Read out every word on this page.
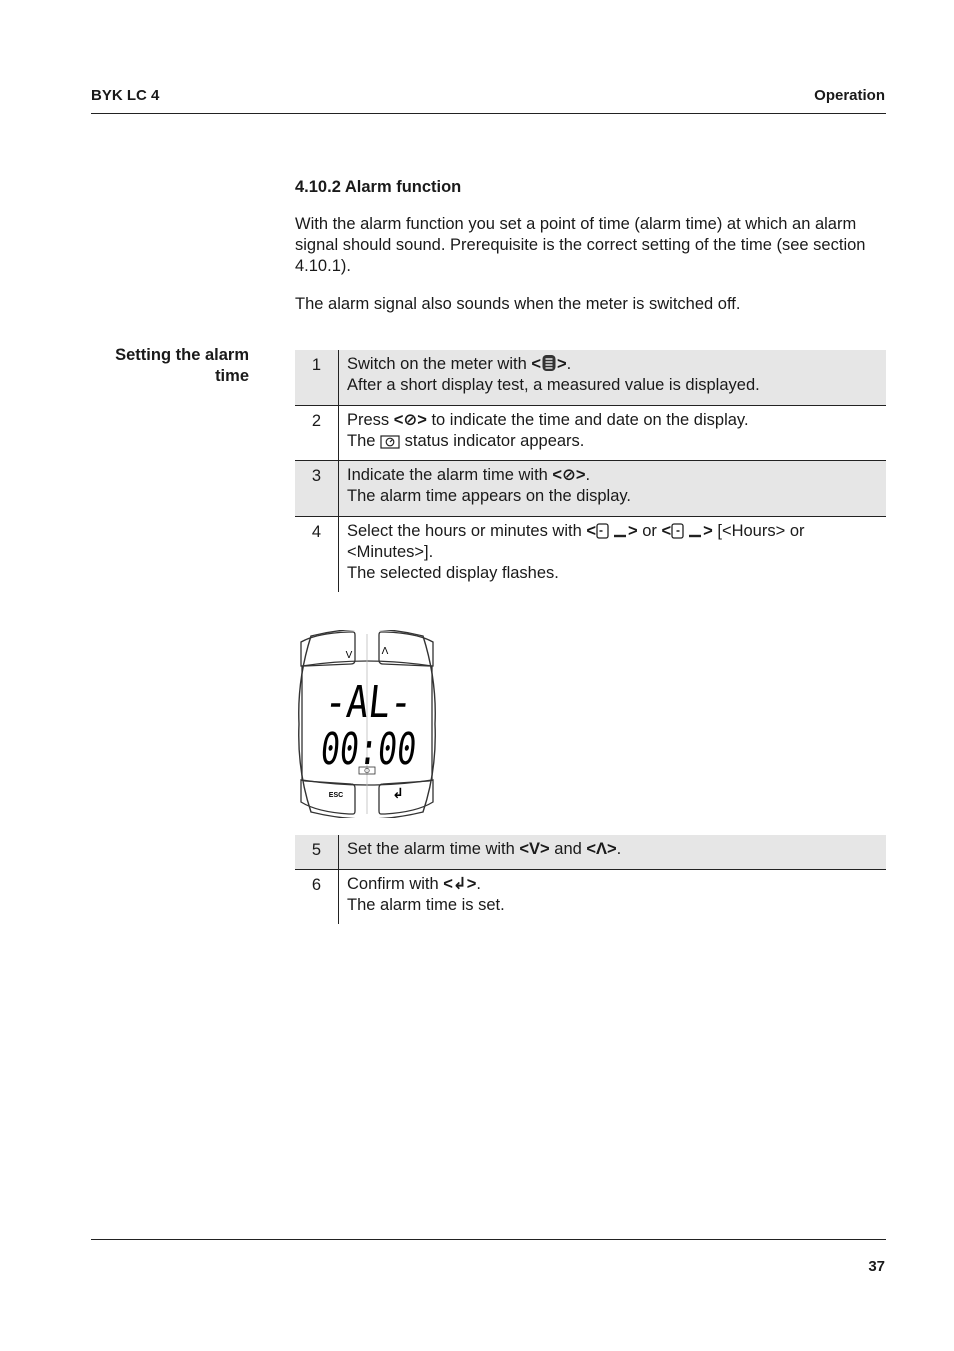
BYK LC 4	Operation
4.10.2 Alarm function
With the alarm function you set a point of time (alarm time) at which an alarm signal should sound. Prerequisite is the correct setting of the time (see section 4.10.1).
The alarm signal also sounds when the meter is switched off.
Setting the alarm time
1	Switch on the meter with < >.
After a short display test, a measured value is displayed.
2	Press <⊘> to indicate the time and date on the display.
The  status indicator appears.
3	Indicate the alarm time with <⊘>.
The alarm time appears on the display.
4	Select the hours or minutes with < > or < > [<Hours> or
<Minutes>].
The selected display flashes.
V	Λ
ESC	↲
-AL-
00:00
5	Set the alarm time with <V> and <Λ>.
6	Confirm with <↲>.
The alarm time is set.
37
